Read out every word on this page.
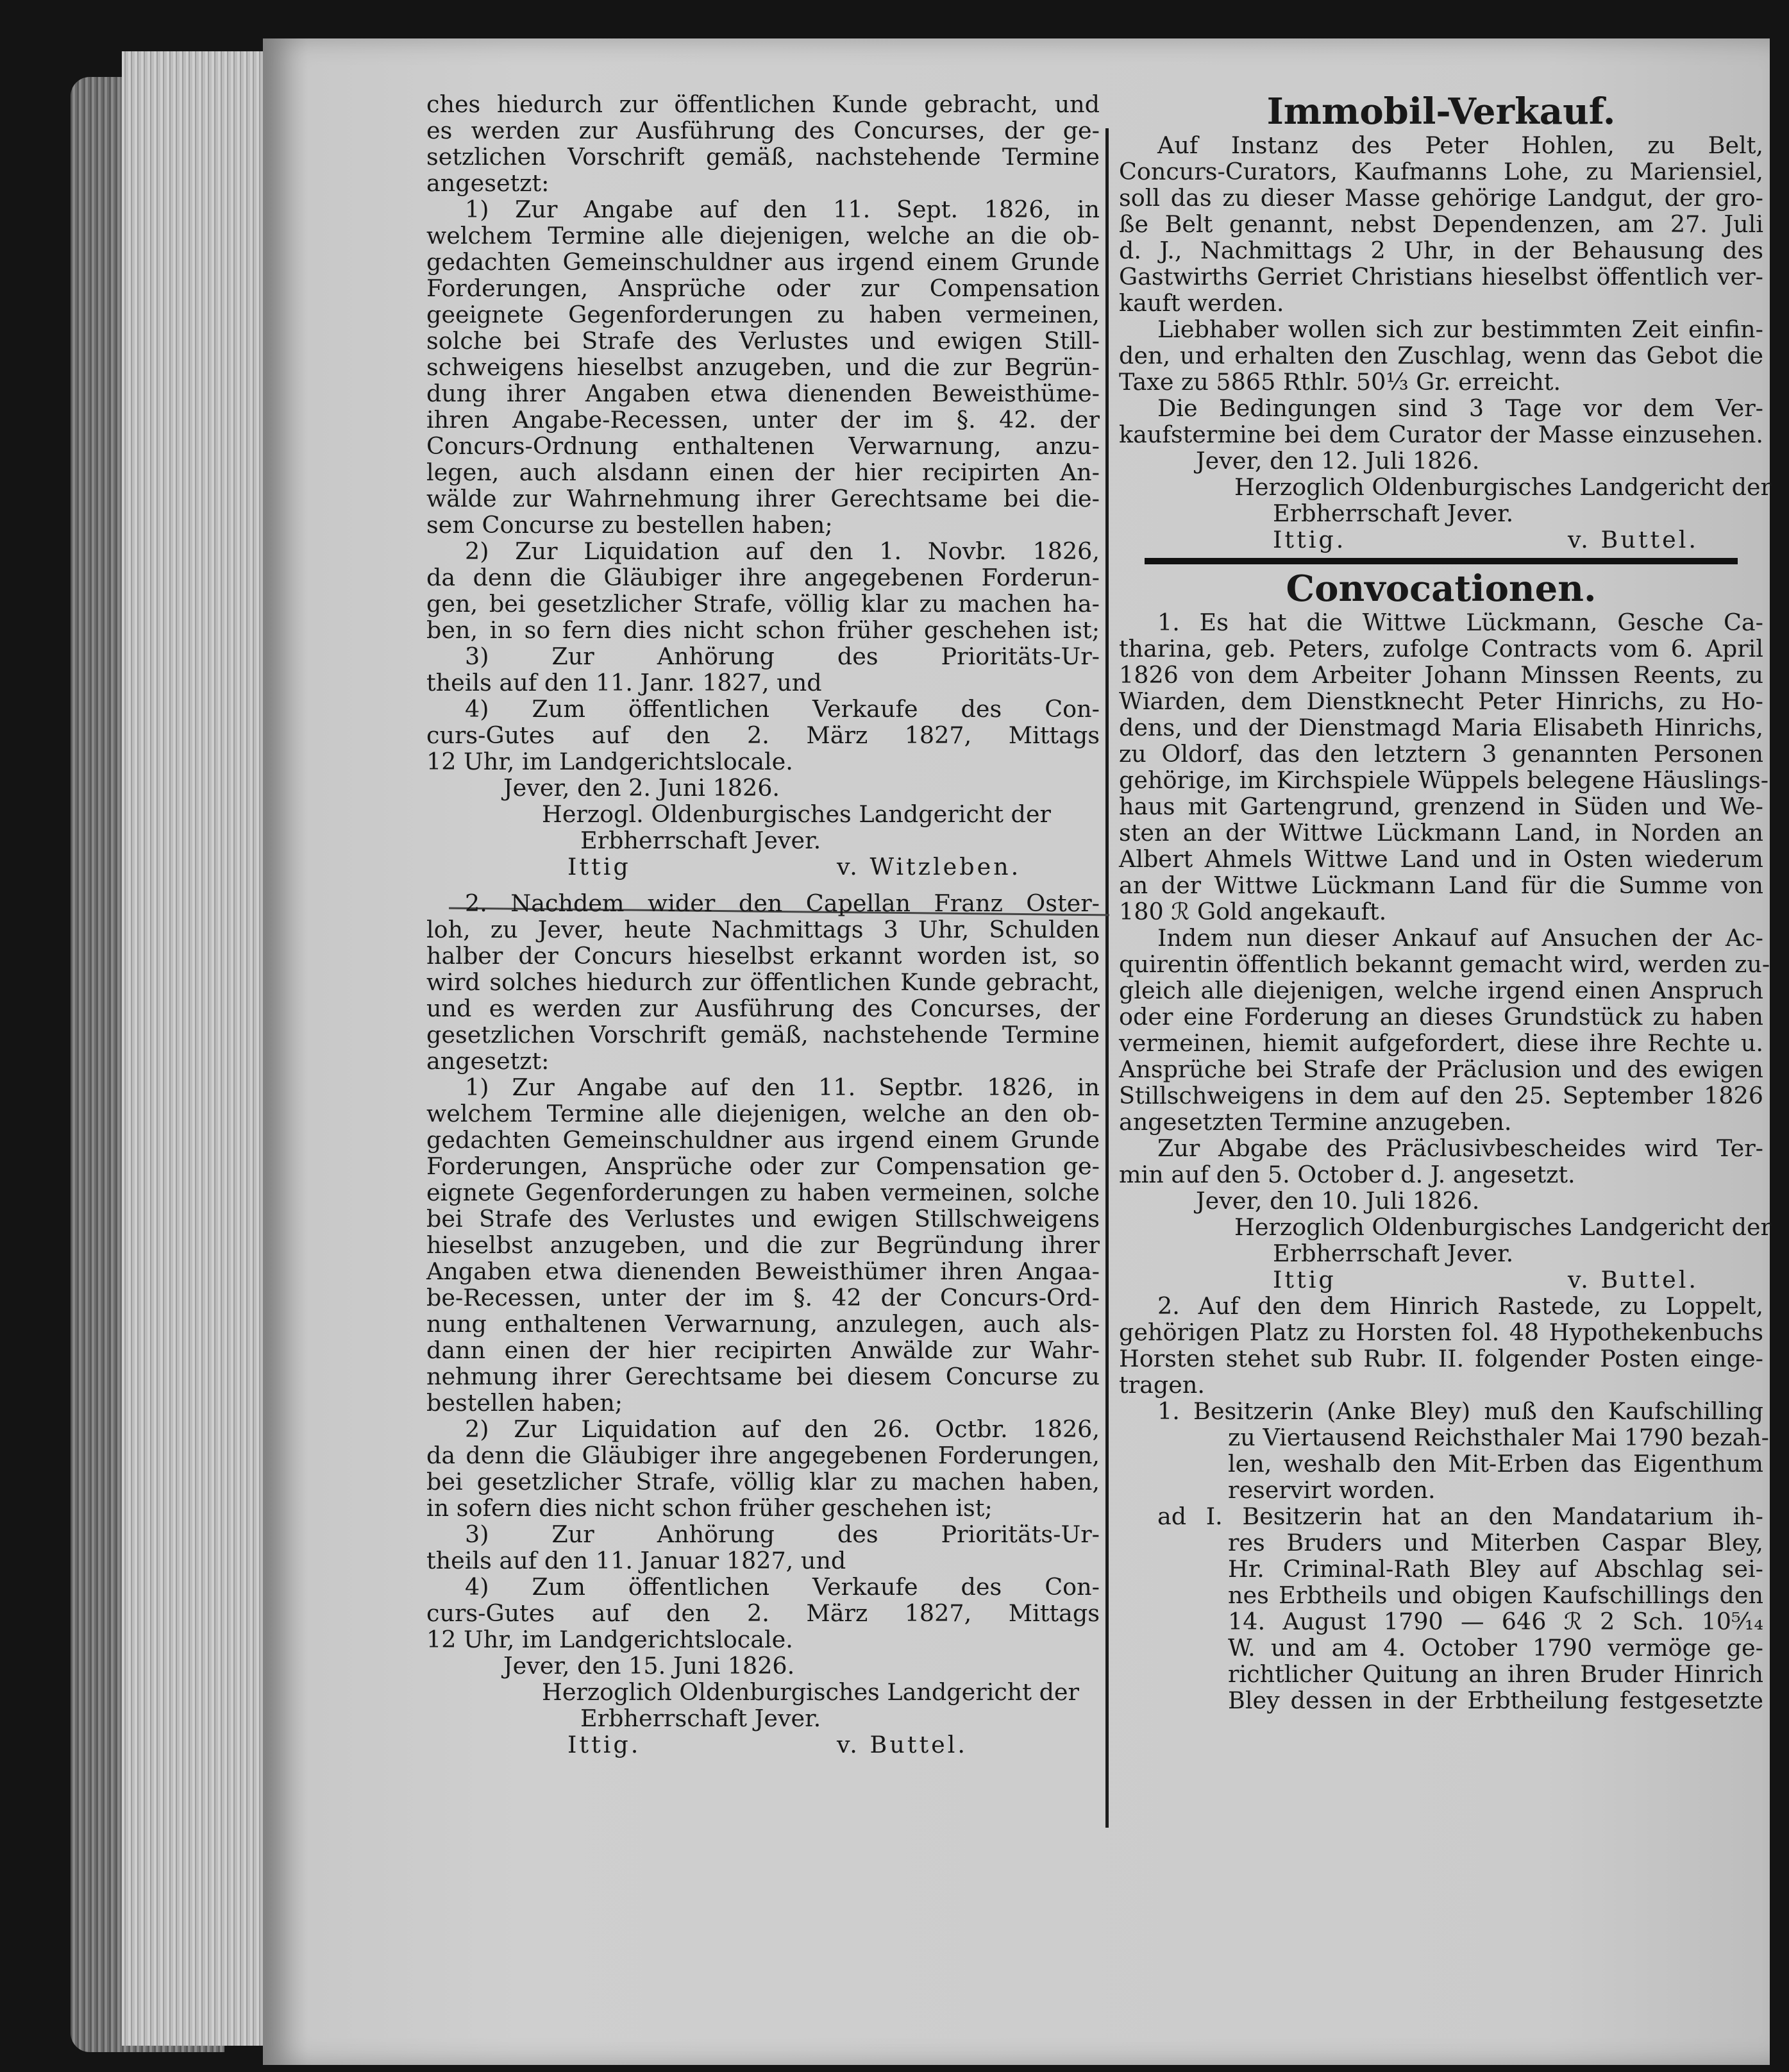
ches hiedurch zur öffentlichen Kunde gebracht, und
es werden zur Ausführung des Concurses, der ge-
setzlichen Vorschrift gemäß, nachstehende Termine
angesetzt:
1) Zur Angabe auf den 11. Sept. 1826, in
welchem Termine alle diejenigen, welche an die ob-
gedachten Gemeinschuldner aus irgend einem Grunde
Forderungen, Ansprüche oder zur Compensation
geeignete Gegenforderungen zu haben vermeinen,
solche bei Strafe des Verlustes und ewigen Still-
schweigens hieselbst anzugeben, und die zur Begrün-
dung ihrer Angaben etwa dienenden Beweisthüme-
ihren Angabe-Recessen, unter der im §. 42. der
Concurs-Ordnung enthaltenen Verwarnung, anzu-
legen, auch alsdann einen der hier recipirten An-
wälde zur Wahrnehmung ihrer Gerechtsame bei die-
sem Concurse zu bestellen haben;
2) Zur Liquidation auf den 1. Novbr. 1826,
da denn die Gläubiger ihre angegebenen Forderun-
gen, bei gesetzlicher Strafe, völlig klar zu machen ha-
ben, in so fern dies nicht schon früher geschehen ist;
3) Zur Anhörung des Prioritäts-Ur-
theils auf den 11. Janr. 1827, und
4) Zum öffentlichen Verkaufe des Con-
curs-Gutes auf den 2. März 1827, Mittags
12 Uhr, im Landgerichtslocale.
Jever, den 2. Juni 1826.
Herzogl. Oldenburgisches Landgericht der
Erbherrschaft Jever.
Ittig	v. Witzleben.
2. Nachdem wider den Capellan Franz Oster-
loh, zu Jever, heute Nachmittags 3 Uhr, Schulden
halber der Concurs hieselbst erkannt worden ist, so
wird solches hiedurch zur öffentlichen Kunde gebracht,
und es werden zur Ausführung des Concurses, der
gesetzlichen Vorschrift gemäß, nachstehende Termine
angesetzt:
1) Zur Angabe auf den 11. Septbr. 1826, in
welchem Termine alle diejenigen, welche an den ob-
gedachten Gemeinschuldner aus irgend einem Grunde
Forderungen, Ansprüche oder zur Compensation ge-
eignete Gegenforderungen zu haben vermeinen, solche
bei Strafe des Verlustes und ewigen Stillschweigens
hieselbst anzugeben, und die zur Begründung ihrer
Angaben etwa dienenden Beweisthümer ihren Angaa-
be-Recessen, unter der im §. 42 der Concurs-Ord-
nung enthaltenen Verwarnung, anzulegen, auch als-
dann einen der hier recipirten Anwälde zur Wahr-
nehmung ihrer Gerechtsame bei diesem Concurse zu
bestellen haben;
2) Zur Liquidation auf den 26. Octbr. 1826,
da denn die Gläubiger ihre angegebenen Forderungen,
bei gesetzlicher Strafe, völlig klar zu machen haben,
in sofern dies nicht schon früher geschehen ist;
3) Zur Anhörung des Prioritäts-Ur-
theils auf den 11. Januar 1827, und
4) Zum öffentlichen Verkaufe des Con-
curs-Gutes auf den 2. März 1827, Mittags
12 Uhr, im Landgerichtslocale.
Jever, den 15. Juni 1826.
Herzoglich Oldenburgisches Landgericht der
Erbherrschaft Jever.
Ittig.	v. Buttel.
Immobil-Verkauf.
Auf Instanz des Peter Hohlen, zu Belt,
Concurs-Curators, Kaufmanns Lohe, zu Mariensiel,
soll das zu dieser Masse gehörige Landgut, der gro-
ße Belt genannt, nebst Dependenzen, am 27. Juli
d. J., Nachmittags 2 Uhr, in der Behausung des
Gastwirths Gerriet Christians hieselbst öffentlich ver-
kauft werden.
Liebhaber wollen sich zur bestimmten Zeit einfin-
den, und erhalten den Zuschlag, wenn das Gebot die
Taxe zu 5865 Rthlr. 50⅓ Gr. erreicht.
Die Bedingungen sind 3 Tage vor dem Ver-
kaufstermine bei dem Curator der Masse einzusehen.
Jever, den 12. Juli 1826.
Herzoglich Oldenburgisches Landgericht der
Erbherrschaft Jever.
Ittig.	v. Buttel.
Convocationen.
1. Es hat die Wittwe Lückmann, Gesche Ca-
tharina, geb. Peters, zufolge Contracts vom 6. April
1826 von dem Arbeiter Johann Minssen Reents, zu
Wiarden, dem Dienstknecht Peter Hinrichs, zu Ho-
dens, und der Dienstmagd Maria Elisabeth Hinrichs,
zu Oldorf, das den letztern 3 genannten Personen
gehörige, im Kirchspiele Wüppels belegene Häuslings-
haus mit Gartengrund, grenzend in Süden und We-
sten an der Wittwe Lückmann Land, in Norden an
Albert Ahmels Wittwe Land und in Osten wiederum
an der Wittwe Lückmann Land für die Summe von
180 ℛ Gold angekauft.
Indem nun dieser Ankauf auf Ansuchen der Ac-
quirentin öffentlich bekannt gemacht wird, werden zu-
gleich alle diejenigen, welche irgend einen Anspruch
oder eine Forderung an dieses Grundstück zu haben
vermeinen, hiemit aufgefordert, diese ihre Rechte u.
Ansprüche bei Strafe der Präclusion und des ewigen
Stillschweigens in dem auf den 25. September 1826
angesetzten Termine anzugeben.
Zur Abgabe des Präclusivbescheides wird Ter-
min auf den 5. October d. J. angesetzt.
Jever, den 10. Juli 1826.
Herzoglich Oldenburgisches Landgericht der
Erbherrschaft Jever.
Ittig	v. Buttel.
2. Auf den dem Hinrich Rastede, zu Loppelt,
gehörigen Platz zu Horsten fol. 48 Hypothekenbuchs
Horsten stehet sub Rubr. II. folgender Posten einge-
tragen.
1. Besitzerin (Anke Bley) muß den Kaufschilling
zu Viertausend Reichsthaler Mai 1790 bezah-
len, weshalb den Mit-Erben das Eigenthum
reservirt worden.
ad I. Besitzerin hat an den Mandatarium ih-
res Bruders und Miterben Caspar Bley,
Hr. Criminal-Rath Bley auf Abschlag sei-
nes Erbtheils und obigen Kaufschillings den
14. August 1790 — 646 ℛ 2 Sch. 10⁵⁄₁₄
W. und am 4. October 1790 vermöge ge-
richtlicher Quitung an ihren Bruder Hinrich
Bley dessen in der Erbtheilung festgesetzte
